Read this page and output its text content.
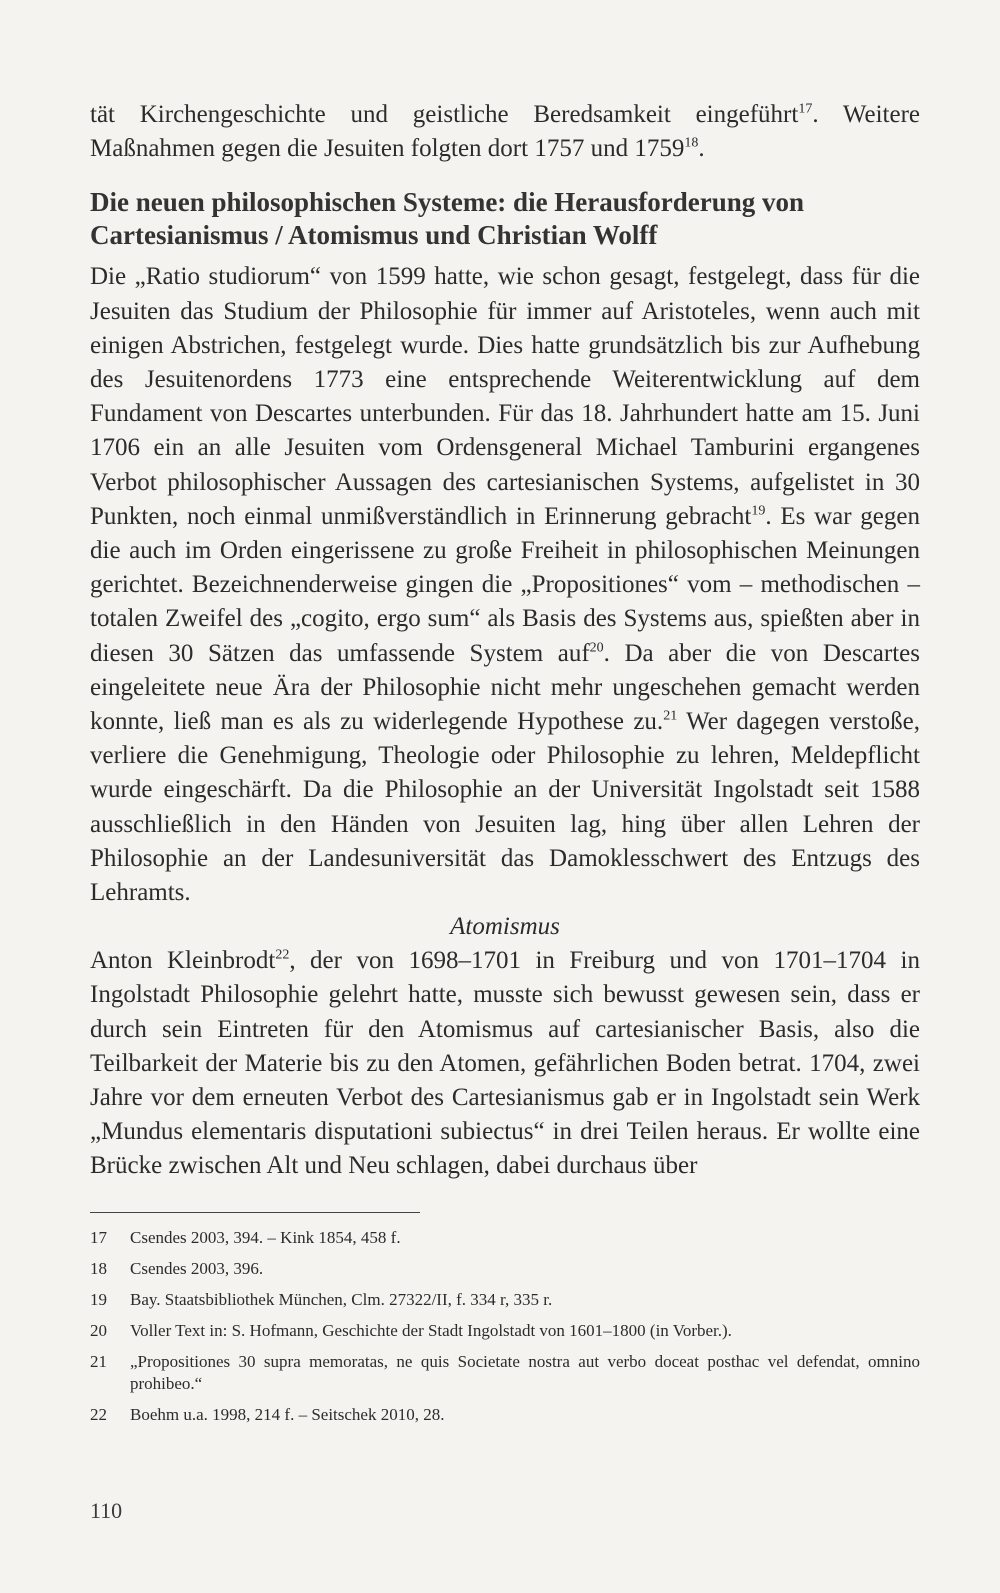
tät Kirchengeschichte und geistliche Beredsamkeit eingeführt$^{17}$. Weitere Maßnahmen gegen die Jesuiten folgten dort 1757 und 1759$^{18}$.

Die neuen philosophischen Systeme: die Herausforderung von Cartesianismus / Atomismus und Christian Wolff

Die „Ratio studiorum“ von 1599 hatte, wie schon gesagt, festgelegt, dass für die Jesuiten das Studium der Philosophie für immer auf Aristoteles, wenn auch mit einigen Abstrichen, festgelegt wurde. Dies hatte grundsätzlich bis zur Aufhebung des Jesuitenordens 1773 eine entsprechende Weiterentwicklung auf dem Fundament von Descartes unterbunden. Für das 18. Jahrhundert hatte am 15. Juni 1706 ein an alle Jesuiten vom Ordensgeneral Michael Tamburini ergangenes Verbot philosophischer Aussagen des cartesianischen Systems, aufgelistet in 30 Punkten, noch einmal unmißverständlich in Erinnerung gebracht$^{19}$. Es war gegen die auch im Orden eingerissene zu große Freiheit in philosophischen Meinungen gerichtet. Bezeichnenderweise gingen die „Propositiones“ vom – methodischen – totalen Zweifel des „cogito, ergo sum“ als Basis des Systems aus, spießten aber in diesen 30 Sätzen das umfassende System auf$^{20}$. Da aber die von Descartes eingeleitete neue Ära der Philosophie nicht mehr ungeschehen gemacht werden konnte, ließ man es als zu widerlegende Hypothese zu.$^{21}$ Wer dagegen verstoße, verliere die Genehmigung, Theologie oder Philosophie zu lehren, Meldepflicht wurde eingeschärft. Da die Philosophie an der Universität Ingolstadt seit 1588 ausschließlich in den Händen von Jesuiten lag, hing über allen Lehren der Philosophie an der Landesuniversität das Damoklesschwert des Entzugs des Lehramts.

Atomismus

Anton Kleinbrodt$^{22}$, der von 1698–1701 in Freiburg und von 1701–1704 in Ingolstadt Philosophie gelehrt hatte, musste sich bewusst gewesen sein, dass er durch sein Eintreten für den Atomismus auf cartesianischer Basis, also die Teilbarkeit der Materie bis zu den Atomen, gefährlichen Boden betrat. 1704, zwei Jahre vor dem erneuten Verbot des Cartesianismus gab er in Ingolstadt sein Werk „Mundus elementaris disputationi subiectus“ in drei Teilen heraus. Er wollte eine Brücke zwischen Alt und Neu schlagen, dabei durchaus über

17	Csendes 2003, 394. – Kink 1854, 458 f.
18	Csendes 2003, 396.
19	Bay. Staatsbibliothek München, Clm. 27322/II, f. 334 r, 335 r.
20	Voller Text in: S. Hofmann, Geschichte der Stadt Ingolstadt von 1601–1800 (in Vorber.).
21	„Propositiones 30 supra memoratas, ne quis Societate nostra aut verbo doceat posthac vel defendat, omnino prohibeo.“
22	Boehm u.a. 1998, 214 f. – Seitschek 2010, 28.
110
